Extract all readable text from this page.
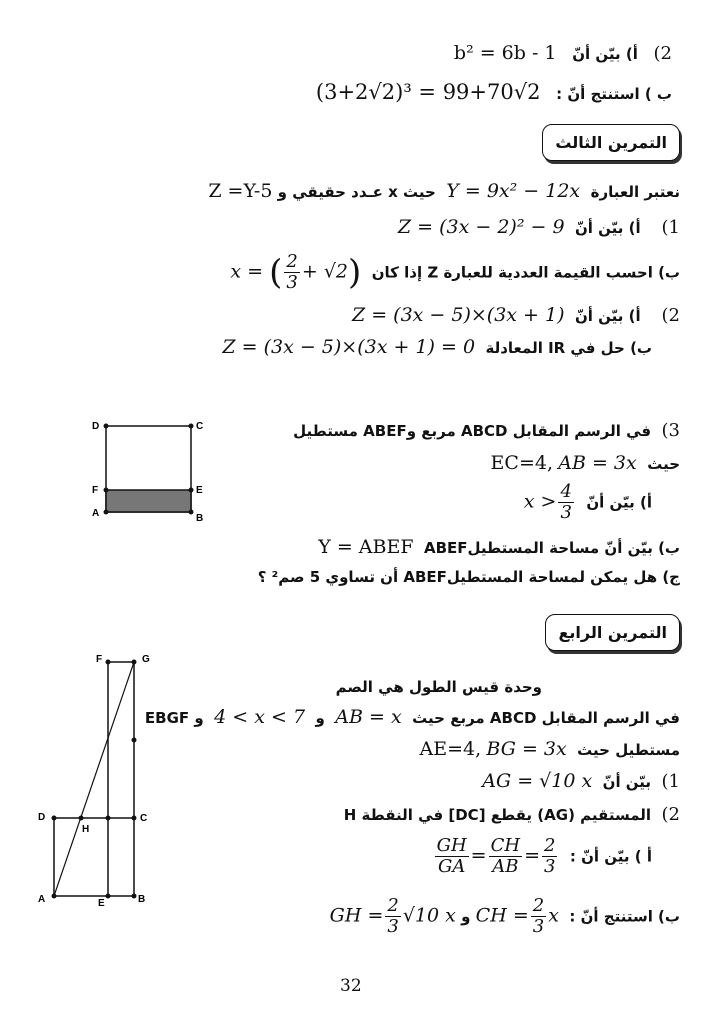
2)   أ) بيّن أنّ   b² = 6b - 1
ب ) استنتج أنّ :   (3+2√2)³ = 99+70√2
التمرين الثالث
نعتبر العبارة  Y = 9x² − 12x  حيث x عـدد حقيقي و Z =Y-5
1)    أ) بيّن أنّ  Z = (3x − 2)² − 9
ب) احسب القيمة العددية للعبارة Z إذا كان  x = ( $\frac{2}{3} + √2$)
2)    أ) بيّن أنّ  Z = (3x − 5)×(3x + 1)
ب) حل في IR المعادلة  Z = (3x − 5)×(3x + 1) = 0
3)  في الرسم المقابل ABCD مربع وABEF مستطيل
حيث  AB = 3x EC=4,
أ) بيّن أنّ  $x > \frac{4}{3}$
ب) بيّن أنّ مساحة المستطيلABEF  Y = ABEF
ج) هل يمكن لمساحة المستطيلABEF أن تساوي 5 صم² ؟
D	C
F	E
A	B
التمرين الرابع
وحدة قيس الطول هي الصم
في الرسم المقابل ABCD مربع حيث  AB = x  و  4 < x < 7  و EBGF
مستطيل حيث  BG = 3x AE=4,
1)  بيّن أنّ  AG = √10 x
2)  المستقيم (AG) يقطع [DC] في النقطة H
أ ) بيّن أنّ :
$\frac{GH}{GA} = \frac{CH}{AB} = \frac{2}{3}$
ب) استنتج أنّ :  CH = $\frac{2}{3}$ x و GH = $\frac{2}{3} √10$ x
F	G
D
H
C
A	E	B
32
